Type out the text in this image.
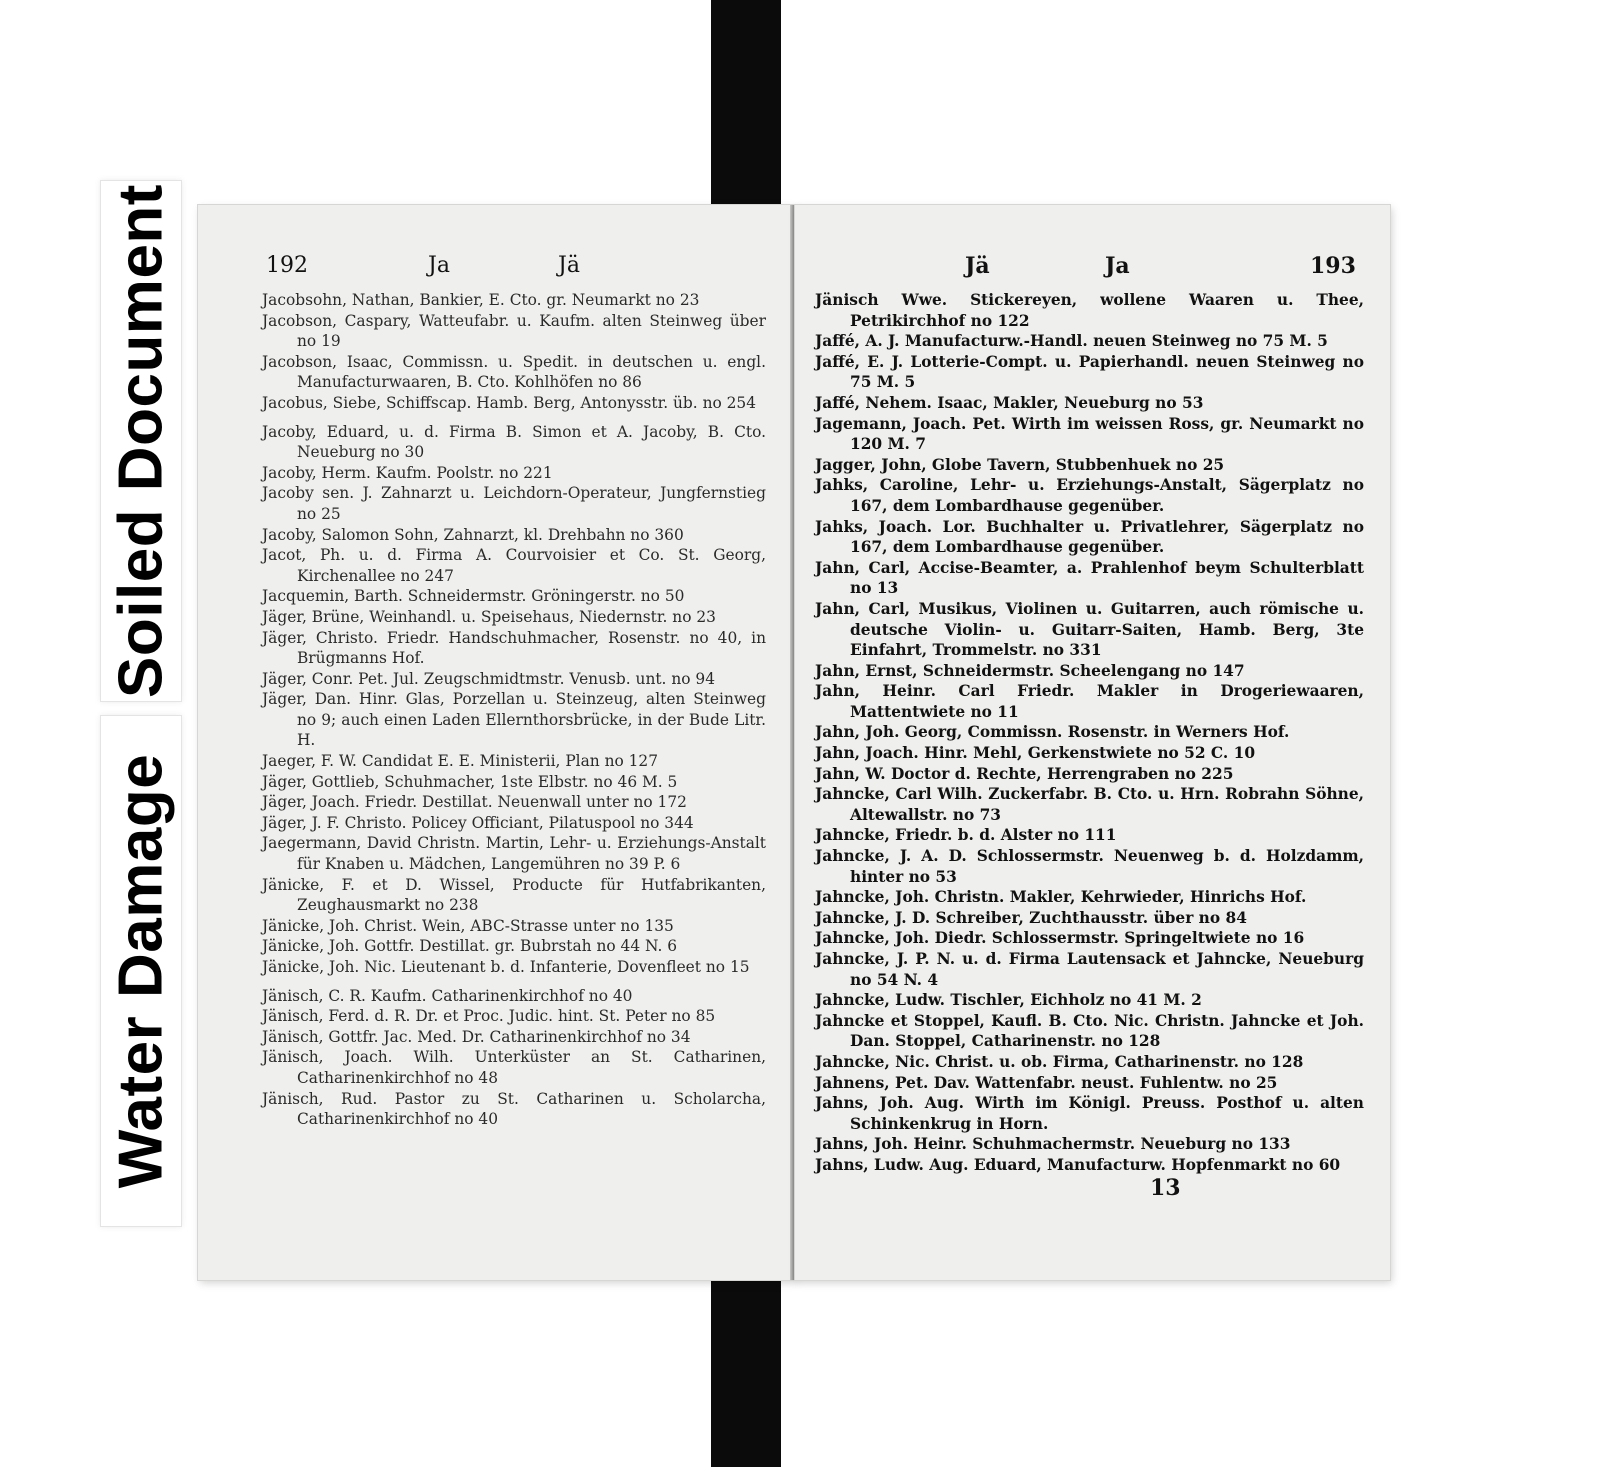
Soiled Document
Water Damage
192	Ja	Jä
Jacobsohn, Nathan, Bankier, E. Cto. gr. Neumarkt no 23
Jacobson, Caspary, Watteufabr. u. Kaufm. alten Steinweg über no 19
Jacobson, Isaac, Commissn. u. Spedit. in deutschen u. engl. Manufacturwaaren, B. Cto. Kohlhöfen no 86
Jacobus, Siebe, Schiffscap. Hamb. Berg, Antonysstr. üb. no 254
Jacoby, Eduard, u. d. Firma B. Simon et A. Jacoby, B. Cto. Neueburg no 30
Jacoby, Herm. Kaufm. Poolstr. no 221
Jacoby sen. J. Zahnarzt u. Leichdorn-Operateur, Jungfernstieg no 25
Jacoby, Salomon Sohn, Zahnarzt, kl. Drehbahn no 360
Jacot, Ph. u. d. Firma A. Courvoisier et Co. St. Georg, Kirchenallee no 247
Jacquemin, Barth. Schneidermstr. Gröningerstr. no 50
Jäger, Brüne, Weinhandl. u. Speisehaus, Niedernstr. no 23
Jäger, Christo. Friedr. Handschuhmacher, Rosenstr. no 40, in Brügmanns Hof.
Jäger, Conr. Pet. Jul. Zeugschmidtmstr. Venusb. unt. no 94
Jäger, Dan. Hinr. Glas, Porzellan u. Steinzeug, alten Steinweg no 9; auch einen Laden Ellernthorsbrücke, in der Bude Litr. H.
Jaeger, F. W. Candidat E. E. Ministerii, Plan no 127
Jäger, Gottlieb, Schuhmacher, 1ste Elbstr. no 46 M. 5
Jäger, Joach. Friedr. Destillat. Neuenwall unter no 172
Jäger, J. F. Christo. Policey Officiant, Pilatuspool no 344
Jaegermann, David Christn. Martin, Lehr- u. Erziehungs-Anstalt für Knaben u. Mädchen, Langemühren no 39 P. 6
Jänicke, F. et D. Wissel, Producte für Hutfabrikanten, Zeughausmarkt no 238
Jänicke, Joh. Christ. Wein, ABC-Strasse unter no 135
Jänicke, Joh. Gottfr. Destillat. gr. Bubrstah no 44 N. 6
Jänicke, Joh. Nic. Lieutenant b. d. Infanterie, Dovenfleet no 15
Jänisch, C. R. Kaufm. Catharinenkirchhof no 40
Jänisch, Ferd. d. R. Dr. et Proc. Judic. hint. St. Peter no 85
Jänisch, Gottfr. Jac. Med. Dr. Catharinenkirchhof no 34
Jänisch, Joach. Wilh. Unterküster an St. Catharinen, Catharinenkirchhof no 48
Jänisch, Rud. Pastor zu St. Catharinen u. Scholarcha, Catharinenkirchhof no 40
Jä	Ja	193
Jänisch Wwe. Stickereyen, wollene Waaren u. Thee, Petrikirchhof no 122
Jaffé, A. J. Manufacturw.-Handl. neuen Steinweg no 75 M. 5
Jaffé, E. J. Lotterie-Compt. u. Papierhandl. neuen Steinweg no 75 M. 5
Jaffé, Nehem. Isaac, Makler, Neueburg no 53
Jagemann, Joach. Pet. Wirth im weissen Ross, gr. Neumarkt no 120 M. 7
Jagger, John, Globe Tavern, Stubbenhuek no 25
Jahks, Caroline, Lehr- u. Erziehungs-Anstalt, Sägerplatz no 167, dem Lombardhause gegenüber.
Jahks, Joach. Lor. Buchhalter u. Privatlehrer, Sägerplatz no 167, dem Lombardhause gegenüber.
Jahn, Carl, Accise-Beamter, a. Prahlenhof beym Schulterblatt no 13
Jahn, Carl, Musikus, Violinen u. Guitarren, auch römische u. deutsche Violin- u. Guitarr-Saiten, Hamb. Berg, 3te Einfahrt, Trommelstr. no 331
Jahn, Ernst, Schneidermstr. Scheelengang no 147
Jahn, Heinr. Carl Friedr. Makler in Drogeriewaaren, Mattentwiete no 11
Jahn, Joh. Georg, Commissn. Rosenstr. in Werners Hof.
Jahn, Joach. Hinr. Mehl, Gerkenstwiete no 52 C. 10
Jahn, W. Doctor d. Rechte, Herrengraben no 225
Jahncke, Carl Wilh. Zuckerfabr. B. Cto. u. Hrn. Robrahn Söhne, Altewallstr. no 73
Jahncke, Friedr. b. d. Alster no 111
Jahncke, J. A. D. Schlossermstr. Neuenweg b. d. Holzdamm, hinter no 53
Jahncke, Joh. Christn. Makler, Kehrwieder, Hinrichs Hof.
Jahncke, J. D. Schreiber, Zuchthausstr. über no 84
Jahncke, Joh. Diedr. Schlossermstr. Springeltwiete no 16
Jahncke, J. P. N. u. d. Firma Lautensack et Jahncke, Neueburg no 54 N. 4
Jahncke, Ludw. Tischler, Eichholz no 41 M. 2
Jahncke et Stoppel, Kaufl. B. Cto. Nic. Christn. Jahncke et Joh. Dan. Stoppel, Catharinenstr. no 128
Jahncke, Nic. Christ. u. ob. Firma, Catharinenstr. no 128
Jahnens, Pet. Dav. Wattenfabr. neust. Fuhlentw. no 25
Jahns, Joh. Aug. Wirth im Königl. Preuss. Posthof u. alten Schinkenkrug in Horn.
Jahns, Joh. Heinr. Schuhmachermstr. Neueburg no 133
Jahns, Ludw. Aug. Eduard, Manufacturw. Hopfenmarkt no 60
13
